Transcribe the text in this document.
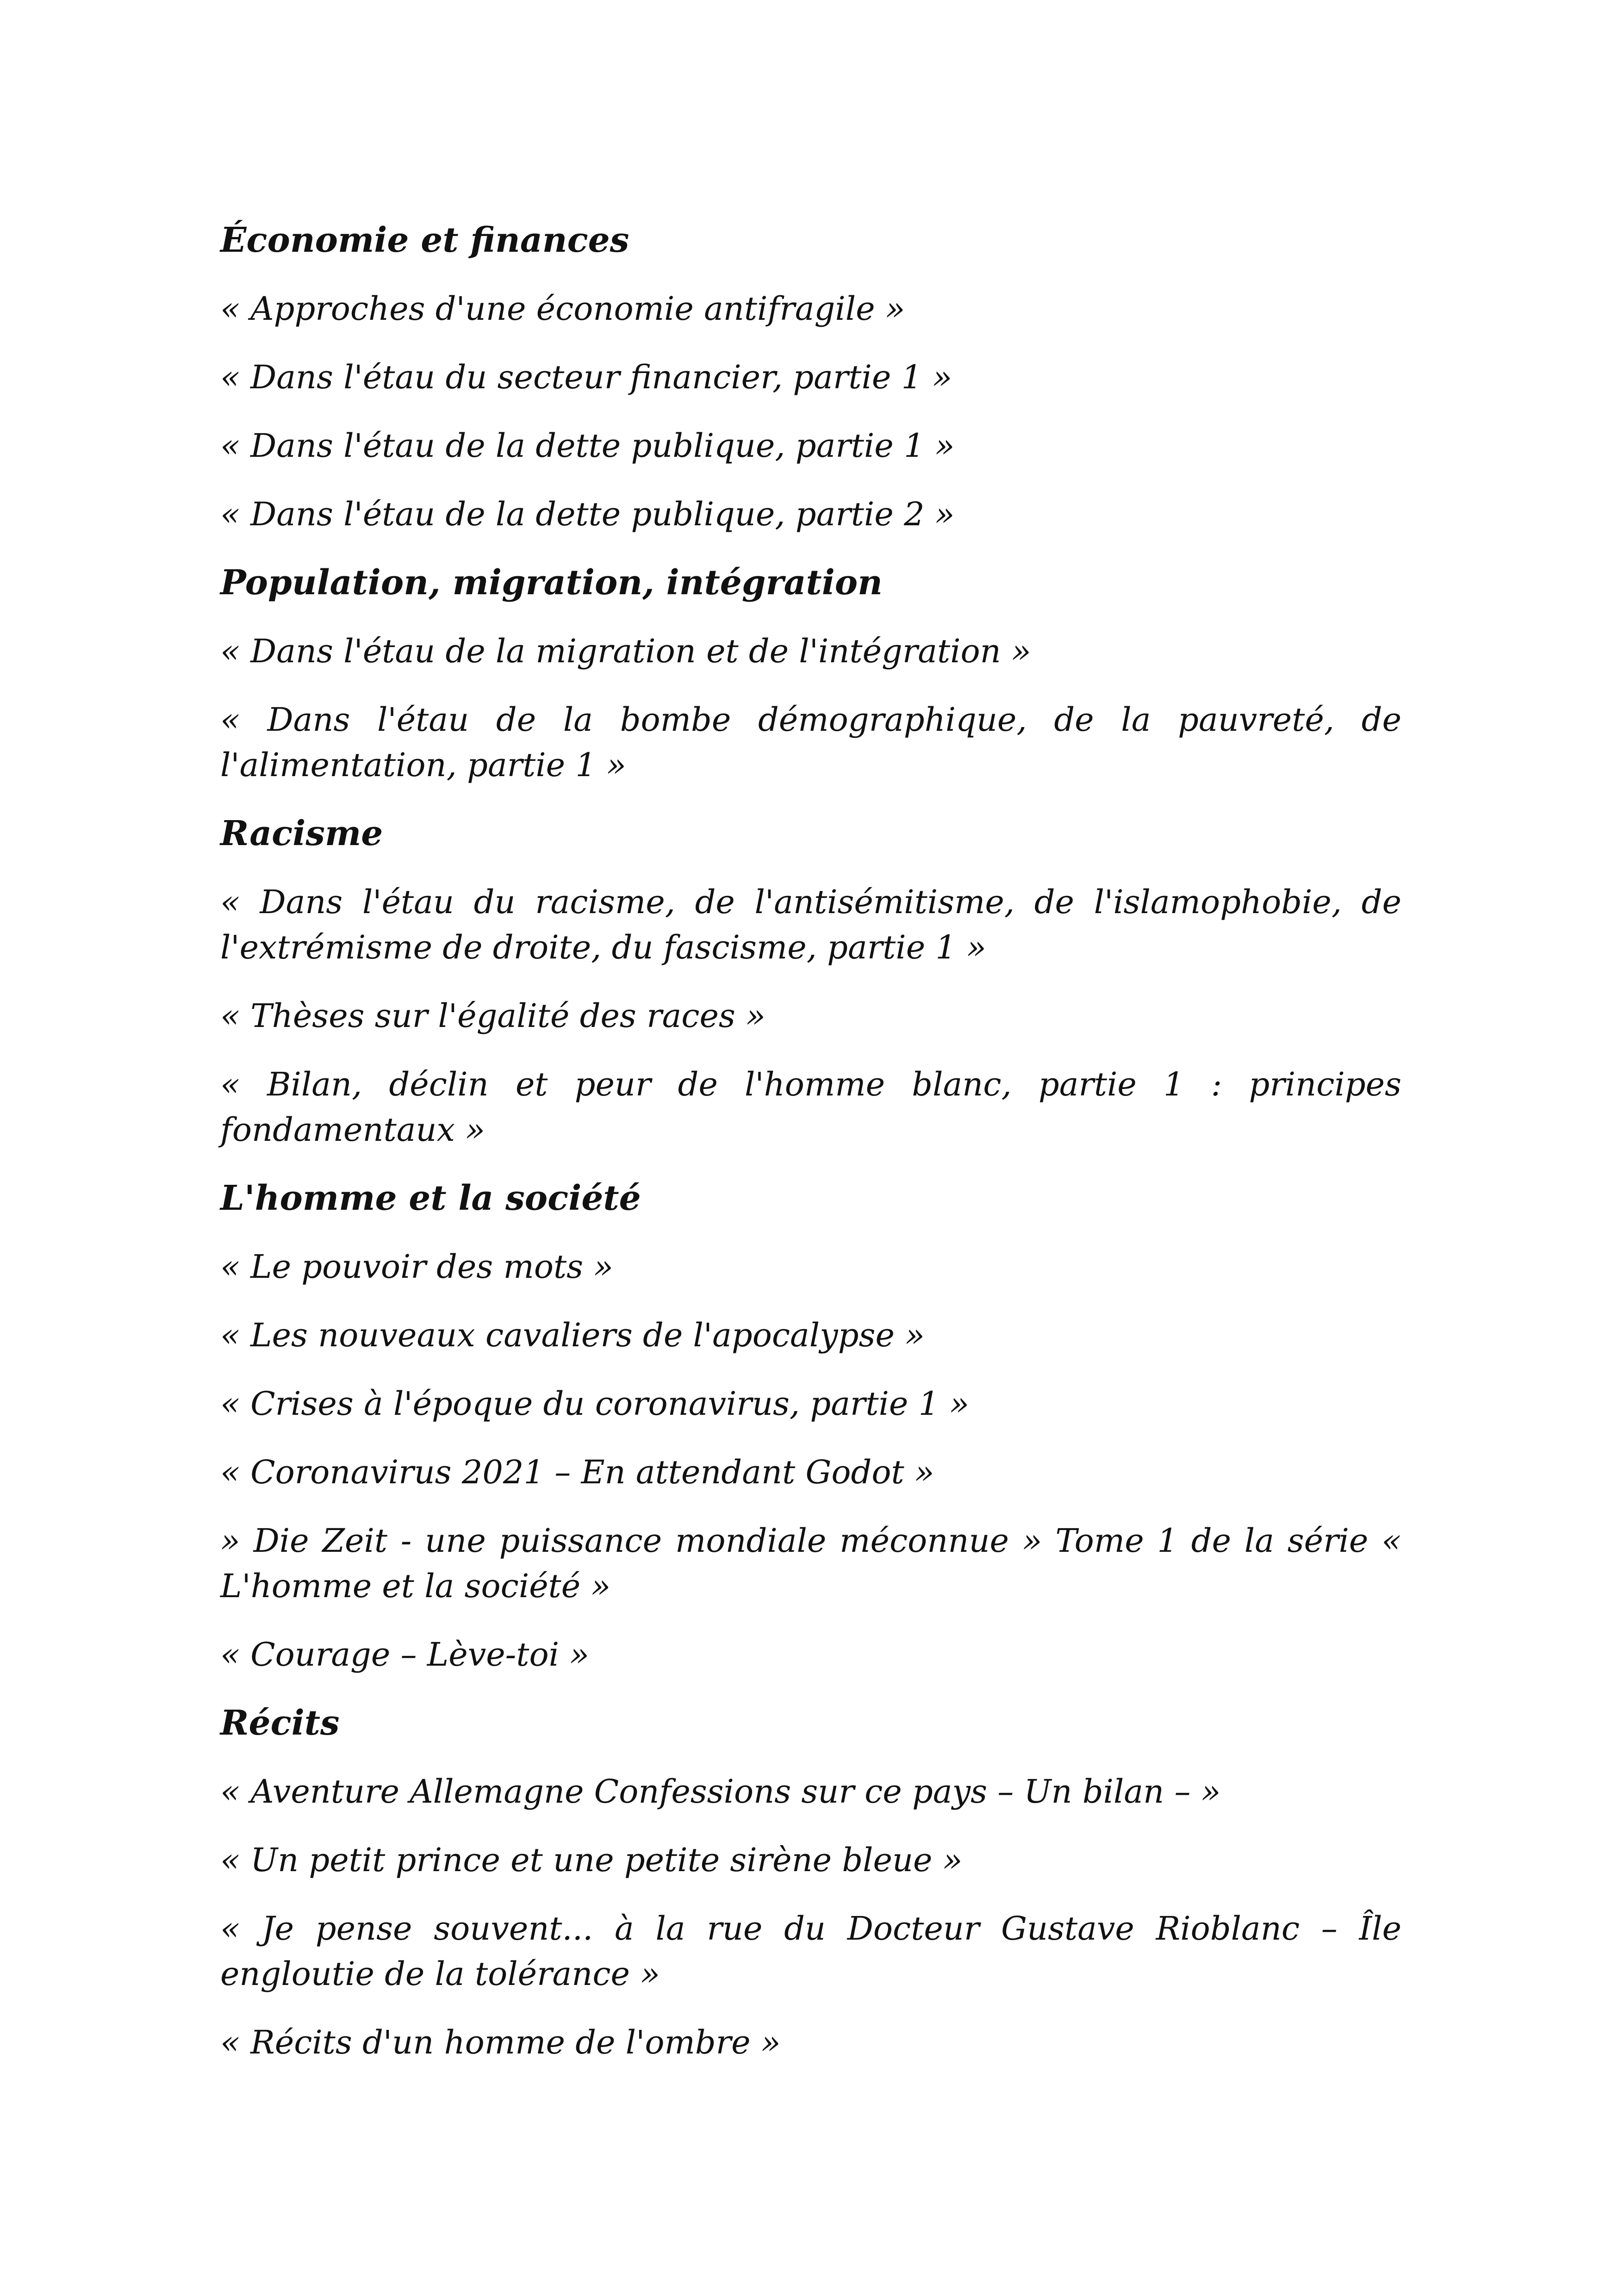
Économie et finances

« Approches d'une économie antifragile »

« Dans l'étau du secteur financier, partie 1 »

« Dans l'étau de la dette publique, partie 1 »

« Dans l'étau de la dette publique, partie 2 »

Population, migration, intégration

« Dans l'étau de la migration et de l'intégration »

« Dans l'étau de la bombe démographique, de la pauvreté, de l'alimentation, partie 1 »

Racisme

« Dans l'étau du racisme, de l'antisémitisme, de l'islamophobie, de l'extrémisme de droite, du fascisme, partie 1 »

« Thèses sur l'égalité des races »

« Bilan, déclin et peur de l'homme blanc, partie 1 : principes fondamentaux »

L'homme et la société

« Le pouvoir des mots »

« Les nouveaux cavaliers de l'apocalypse »

« Crises à l'époque du coronavirus, partie 1 »

« Coronavirus 2021 – En attendant Godot »

» Die Zeit - une puissance mondiale méconnue » Tome 1 de la série « L'homme et la société »

« Courage – Lève-toi »

Récits

« Aventure Allemagne Confessions sur ce pays – Un bilan – »

« Un petit prince et une petite sirène bleue »

« Je pense souvent... à la rue du Docteur Gustave Rioblanc – Île engloutie de la tolérance »

« Récits d'un homme de l'ombre »
